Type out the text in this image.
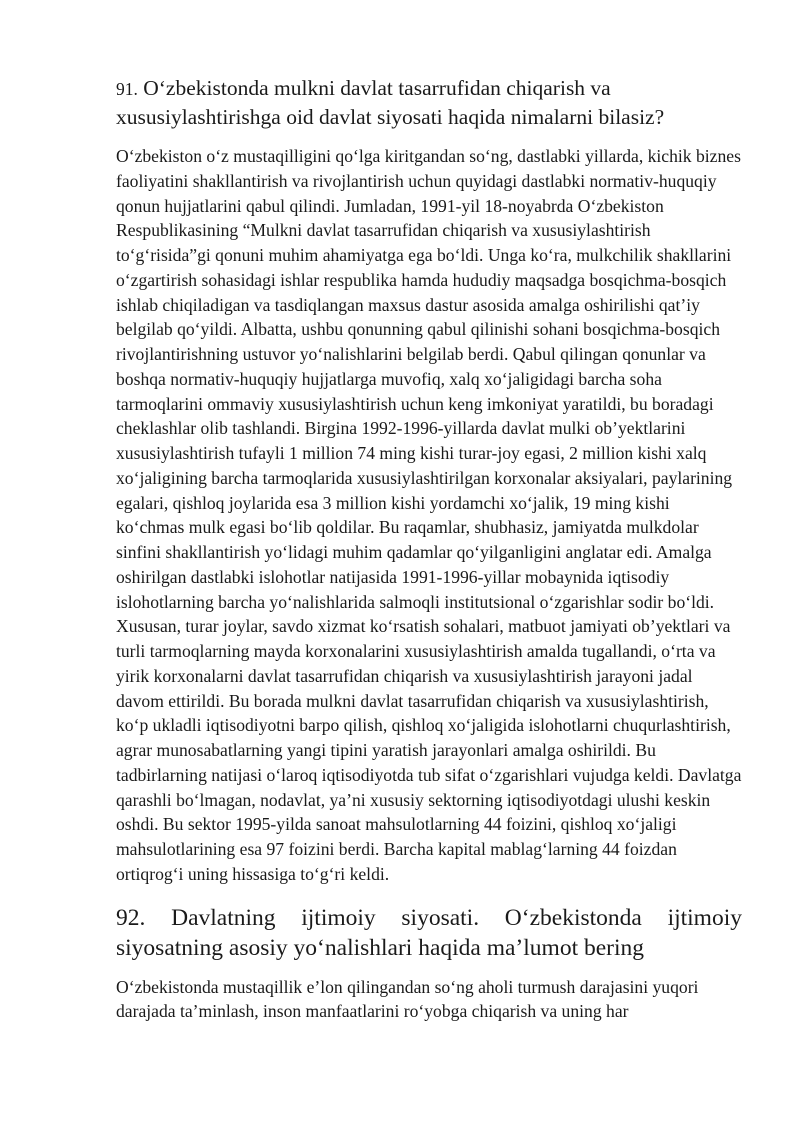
91. O‘zbekistonda mulkni davlat tasarrufidan chiqarish va xususiylashtirishga oid davlat siyosati haqida nimalarni bilasiz?

O‘zbekiston o‘z mustaqilligini qo‘lga kiritgandan so‘ng, dastlabki yillarda, kichik biznes faoliyatini shakllantirish va rivojlantirish uchun quyidagi dastlabki normativ-huquqiy qonun hujjatlarini qabul qilindi. Jumladan, 1991-yil 18-noyabrda O‘zbekiston Respublikasining “Mulkni davlat tasarrufidan chiqarish va xususiylashtirish to‘g‘risida”gi qonuni muhim ahamiyatga ega bo‘ldi. Unga ko‘ra, mulkchilik shakllarini o‘zgartirish sohasidagi ishlar respublika hamda hududiy maqsadga bosqichma-bosqich ishlab chiqiladigan va tasdiqlangan maxsus dastur asosida amalga oshirilishi qat’iy belgilab qo‘yildi. Albatta, ushbu qonunning qabul qilinishi sohani bosqichma-bosqich rivojlantirishning ustuvor yo‘nalishlarini belgilab berdi. Qabul qilingan qonunlar va boshqa normativ-huquqiy hujjatlarga muvofiq, xalq xo‘jaligidagi barcha soha tarmoqlarini ommaviy xususiylashtirish uchun keng imkoniyat yaratildi, bu boradagi cheklashlar olib tashlandi. Birgina 1992-1996-yillarda davlat mulki ob’yektlarini xususiylashtirish tufayli 1 million 74 ming kishi turar-joy egasi, 2 million kishi xalq xo‘jaligining barcha tarmoqlarida xususiylashtirilgan korxonalar aksiyalari, paylarining egalari, qishloq joylarida esa 3 million kishi yordamchi xo‘jalik, 19 ming kishi ko‘chmas mulk egasi bo‘lib qoldilar. Bu raqamlar, shubhasiz, jamiyatda mulkdolar sinfini shakllantirish yo‘lidagi muhim qadamlar qo‘yilganligini anglatar edi. Amalga oshirilgan dastlabki islohotlar natijasida 1991-1996-yillar mobaynida iqtisodiy islohotlarning barcha yo‘nalishlarida salmoqli institutsional o‘zgarishlar sodir bo‘ldi. Xususan, turar joylar, savdo xizmat ko‘rsatish sohalari, matbuot jamiyati ob’yektlari va turli tarmoqlarning mayda korxonalarini xususiylashtirish amalda tugallandi, o‘rta va yirik korxonalarni davlat tasarrufidan chiqarish va xususiylashtirish jarayoni jadal davom ettirildi. Bu borada mulkni davlat tasarrufidan chiqarish va xususiylashtirish, ko‘p ukladli iqtisodiyotni barpo qilish, qishloq xo‘jaligida islohotlarni chuqurlashtirish, agrar munosabatlarning yangi tipini yaratish jarayonlari amalga oshirildi. Bu tadbirlarning natijasi o‘laroq iqtisodiyotda tub sifat o‘zgarishlari vujudga keldi. Davlatga qarashli bo‘lmagan, nodavlat, ya’ni xususiy sektorning iqtisodiyotdagi ulushi keskin oshdi. Bu sektor 1995-yilda sanoat mahsulotlarning 44 foizini, qishloq xo‘jaligi mahsulotlarining esa 97 foizini berdi. Barcha kapital mablag‘larning 44 foizdan ortiqrog‘i uning hissasiga to‘g‘ri keldi.

92. Davlatning ijtimoiy siyosati. O‘zbekistonda ijtimoiy siyosatning asosiy yo‘nalishlari haqida ma’lumot bering

O‘zbekistonda mustaqillik e’lon qilingandan so‘ng aholi turmush darajasini yuqori darajada ta’minlash, inson manfaatlarini ro‘yobga chiqarish va uning har
